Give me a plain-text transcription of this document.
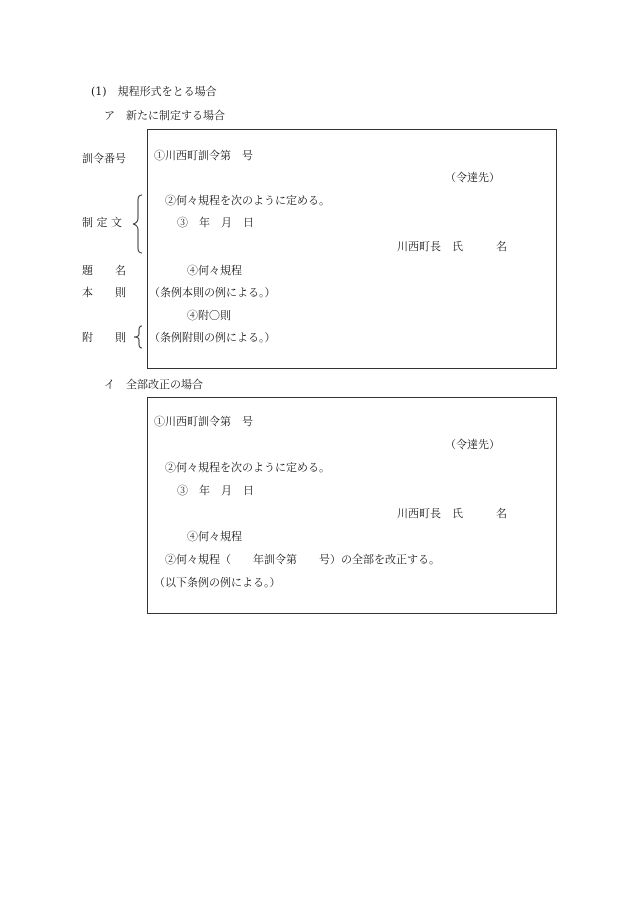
(1)　規程形式をとる場合
ア　新たに制定する場合
訓令番号
制 定 文
題　　名
本　　則
附　　則
①川西町訓令第　号
（令達先）
②何々規程を次のように定める。
③　年　月　日
川西町長　氏　　　名
④何々規程
（条例本則の例による。）
④附〇則
（条例附則の例による。）
イ　全部改正の場合
①川西町訓令第　号
（令達先）
②何々規程を次のように定める。
③　年　月　日
川西町長　氏　　　名
④何々規程
②何々規程（　　年訓令第　　号）の全部を改正する。
（以下条例の例による。）
